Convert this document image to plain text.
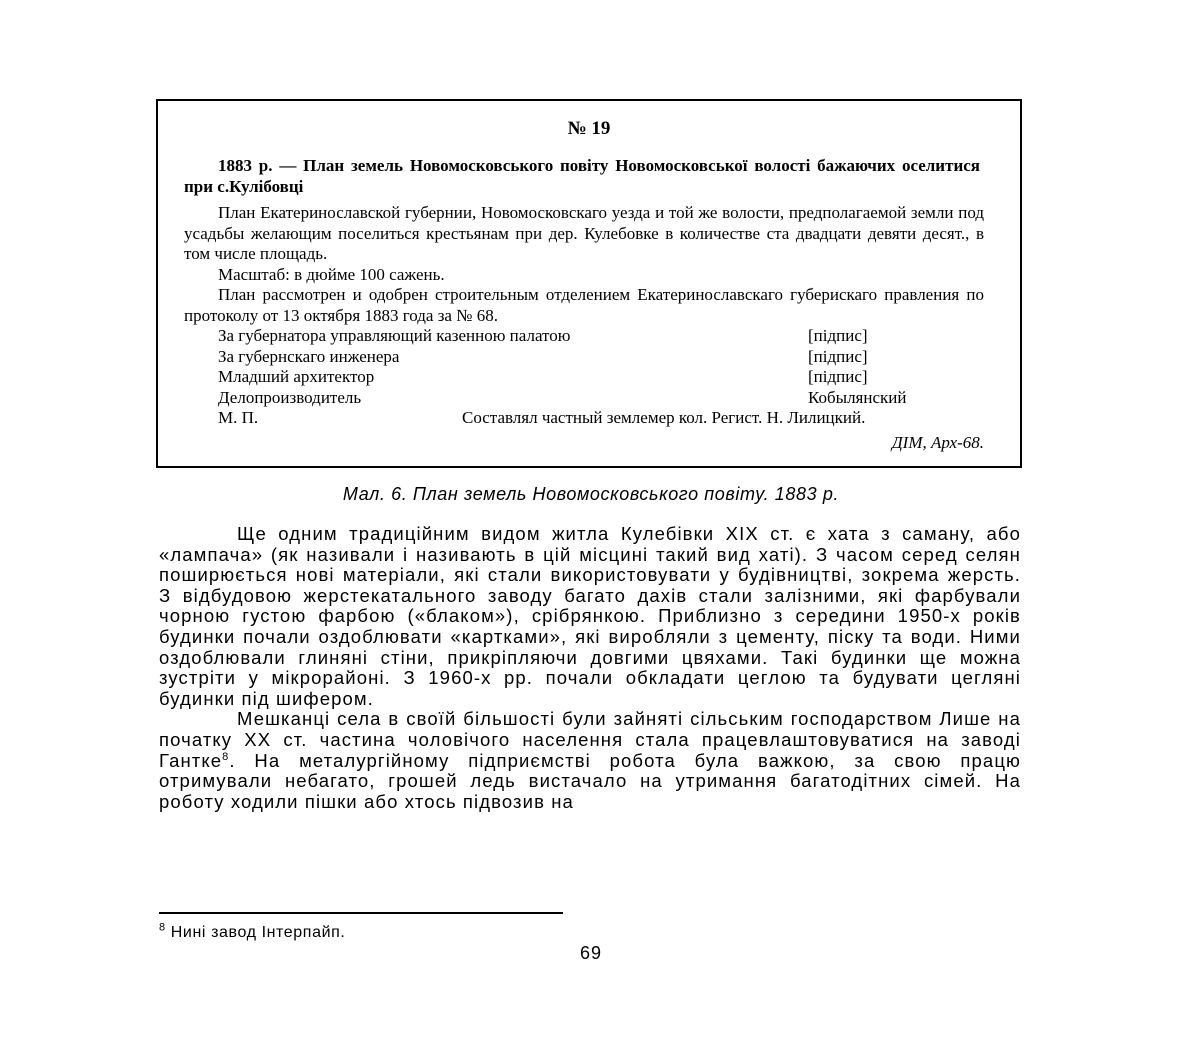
№ 19
1883 р. — План земель Новомосковського повіту Новомосковської волості бажаючих оселитися при с.Кулібовці

План Екатеринославской губернии, Новомосковскаго уезда и той же волости, предполагаемой земли под усадьбы желающим поселиться крестьянам при дер. Кулебовке в количестве ста двадцати девяти десят., в том числе площадь.

Масштаб: в дюйме 100 сажень.

План рассмотрен и одобрен строительным отделением Екатеринославскаго губерискаго правления по протоколу от 13 октября 1883 года за № 68.

За губернатора управляющий казенною палатою	[підпис]
За губернскаго инженера	[підпис]
Младший архитектор	[підпис]
Делопроизводитель	Кобылянский
М. П.	Составлял частный землемер кол. Регист. Н. Лилицкий.
ДІМ, Арх-68.
Мал. 6. План земель Новомосковського повіту. 1883 р.

Ще одним традиційним видом житла Кулебівки XIX ст. є хата з саману, або «лампача» (як називали і називають в цій місцині такий вид хаті). З часом серед селян поширюється нові матеріали, які стали використовувати у будівництві, зокрема жерсть. З відбудовою жерстекатального заводу багато дахів стали залізними, які фарбували чорною густою фарбою («блаком»), срібрянкою. Приблизно з середини 1950-х років будинки почали оздоблювати «картками», які виробляли з цементу, піску та води. Ними оздоблювали глиняні стіни, прикріпляючи довгими цвяхами. Такі будинки ще можна зустріти у мікрорайоні. З 1960-х рр. почали обкладати цеглою та будувати цегляні будинки під шифером.

Мешканці села в своїй більшості були зайняті сільським господарством Лише на початку XX ст. частина чоловічого населення стала працевлаштовуватися на заводі Гантке$^8$. На металургійному підприємстві робота була важкою, за свою працю отримували небагато, грошей ледь вистачало на утримання багатодітних сімей. На роботу ходили пішки або хтось підвозив на

$^8$ Нині завод Інтерпайп.
69
